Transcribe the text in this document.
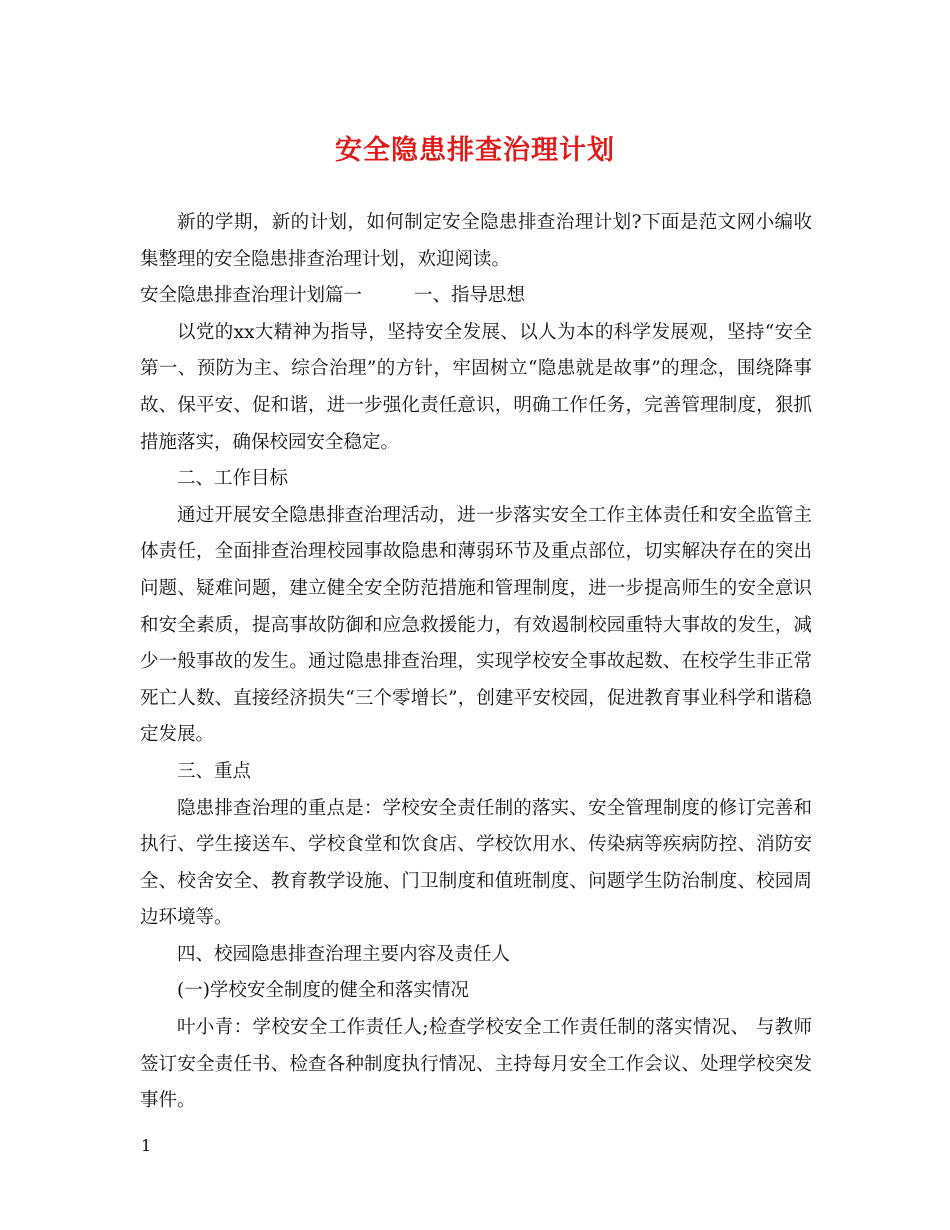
安全隐患排查治理计划

新的学期，新的计划，如何制定安全隐患排查治理计划?下面是范文网小编收集整理的安全隐患排查治理计划，欢迎阅读。

安全隐患排查治理计划篇一	一、指导思想

以党的xx大精神为指导，坚持安全发展、以人为本的科学发展观，坚持“安全第一、预防为主、综合治理”的方针，牢固树立“隐患就是故事”的理念，围绕降事故、保平安、促和谐，进一步强化责任意识，明确工作任务，完善管理制度，狠抓措施落实，确保校园安全稳定。

二、工作目标

通过开展安全隐患排查治理活动，进一步落实安全工作主体责任和安全监管主体责任，全面排查治理校园事故隐患和薄弱环节及重点部位，切实解决存在的突出问题、疑难问题，建立健全安全防范措施和管理制度，进一步提高师生的安全意识和安全素质，提高事故防御和应急救援能力，有效遏制校园重特大事故的发生，减少一般事故的发生。通过隐患排查治理，实现学校安全事故起数、在校学生非正常死亡人数、直接经济损失“三个零增长”，创建平安校园，促进教育事业科学和谐稳定发展。

三、重点

隐患排查治理的重点是：学校安全责任制的落实、安全管理制度的修订完善和执行、学生接送车、学校食堂和饮食店、学校饮用水、传染病等疾病防控、消防安全、校舍安全、教育教学设施、门卫制度和值班制度、问题学生防治制度、校园周边环境等。

四、校园隐患排查治理主要内容及责任人

(一)学校安全制度的健全和落实情况

叶小青：学校安全工作责任人;检查学校安全工作责任制的落实情况、 与教师签订安全责任书、检查各种制度执行情况、主持每月安全工作会议、处理学校突发事件。

1
